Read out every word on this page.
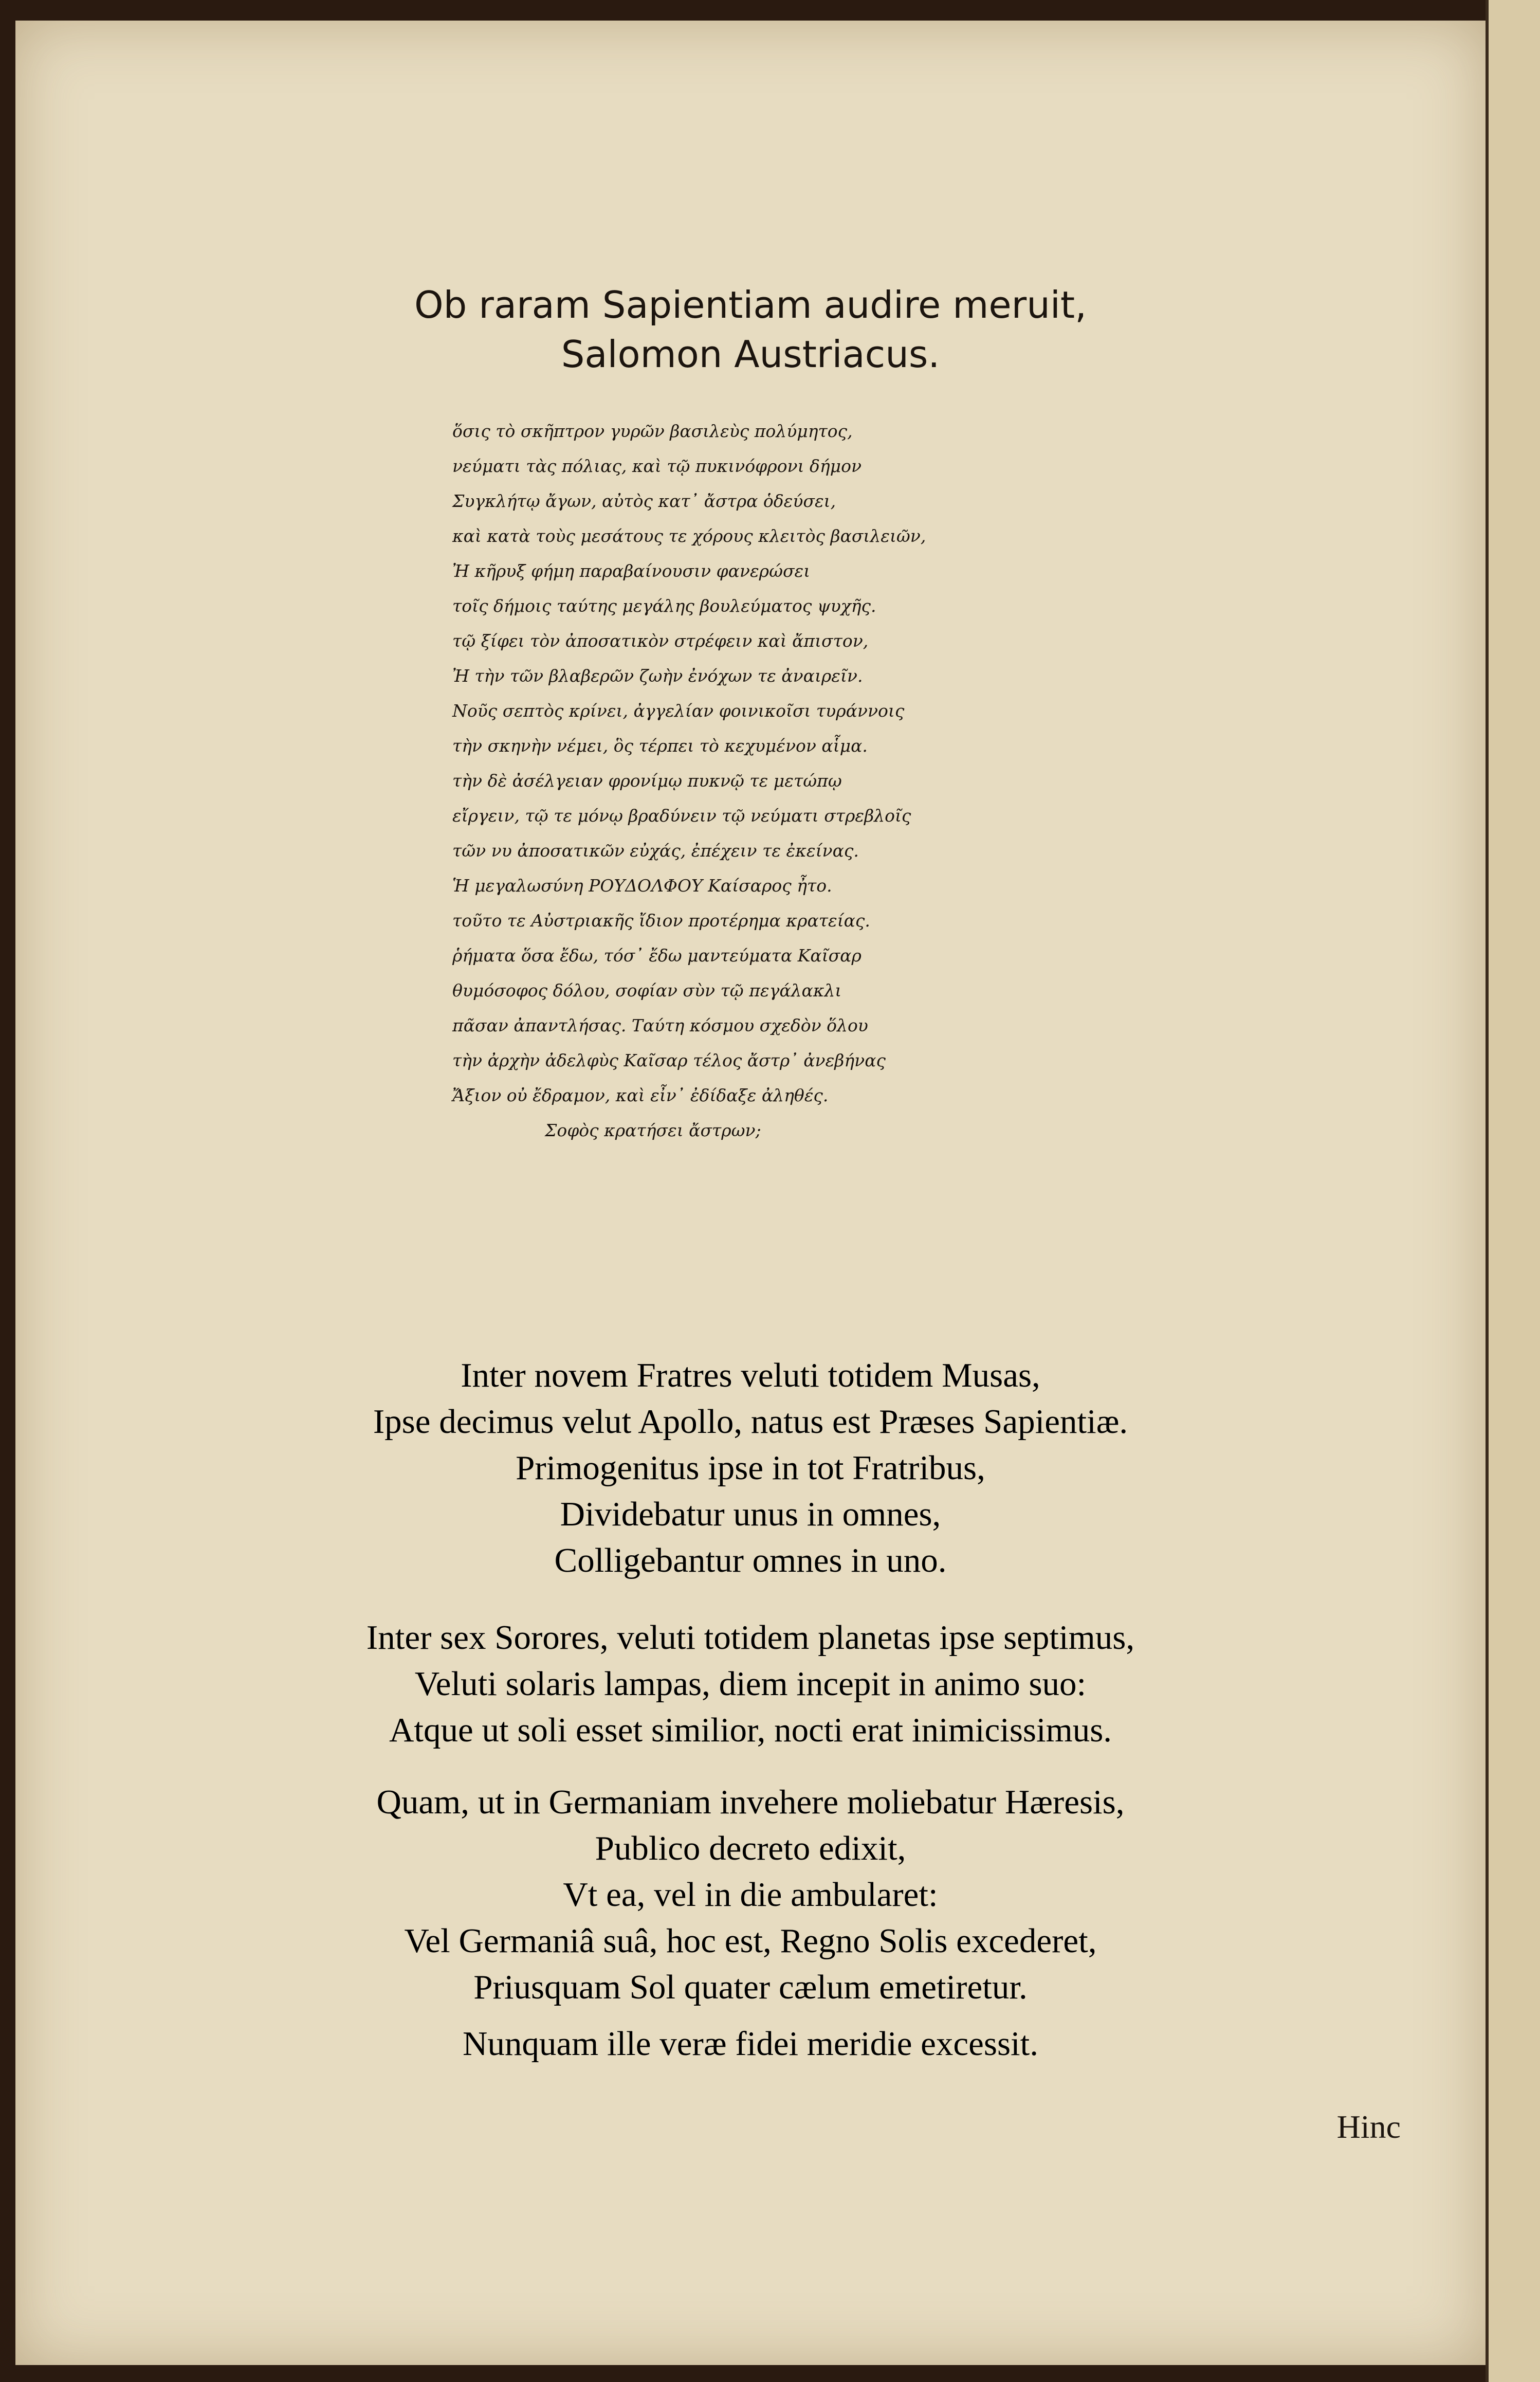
Ob raram Sapientiam audire meruit,
Salomon Austriacus.
ὅσις τὸ σκῆπτρον γυρῶν βασιλεὺς πολύμητος,
νεύματι τὰς πόλιας, καὶ τῷ πυκινόφρονι δήμον
Συγκλήτῳ ἄγων, αὐτὸς κατ᾽ ἄστρα ὁδεύσει,
καὶ κατὰ τοὺς μεσάτους τε χόρους κλειτὸς βασιλειῶν,
Ἠ κῆρυξ φήμη παραβαίνουσιν φανερώσει
τοῖς δήμοις ταύτης μεγάλης βουλεύματος ψυχῆς.
τῷ ξίφει τὸν ἀποσατικὸν στρέφειν καὶ ἄπιστον,
Ἠ τὴν τῶν βλαβερῶν ζωὴν ἐνόχων τε ἀναιρεῖν.
Νοῦς σεπτὸς κρίνει, ἀγγελίαν φοινικοῖσι τυράννοις
τὴν σκηνὴν νέμει, ὃς τέρπει τὸ κεχυμένον αἷμα.
τὴν δὲ ἀσέλγειαν φρονίμῳ πυκνῷ τε μετώπῳ
εἴργειν, τῷ τε μόνῳ βραδύνειν τῷ νεύματι στρεβλοῖς
τῶν νυ ἀποσατικῶν εὐχάς, ἐπέχειν τε ἐκείνας.
Ἡ μεγαλωσύνη ΡΟΥΔΟΛΦΟΥ Καίσαρος ἦτο.
τοῦτο τε Αὐστριακῆς ἴδιον προτέρημα κρατείας.
ῥήματα ὅσα ἔδω, τόσ᾽ ἔδω μαντεύματα Καῖσαρ
θυμόσοφος δόλου, σοφίαν σὺν τῷ πεγάλακλι
πᾶσαν ἀπαντλήσας. Ταύτη κόσμου σχεδὸν ὅλου
τὴν ἀρχὴν ἀδελφὺς Καῖσαρ τέλος ἄστρ᾽ ἀνεβήνας
Ἄξιον οὐ ἔδραμον, καὶ εἶν᾽ ἐδίδαξε ἀληθές.
Σοφὸς κρατήσει ἄστρων;
Inter novem Fratres veluti totidem Musas,
Ipse decimus velut Apollo, natus est Præses Sapientiæ.
Primogenitus ipse in tot Fratribus,
Dividebatur unus in omnes,
Colligebantur omnes in uno.
Inter sex Sorores, veluti totidem planetas ipse septimus,
Veluti solaris lampas, diem incepit in animo suo:
Atque ut soli esset similior, nocti erat inimicissimus.
Quam, ut in Germaniam invehere moliebatur Hæresis,
Publico decreto edixit,
Vt ea, vel in die ambularet:
Vel Germaniâ suâ, hoc est, Regno Solis excederet,
Priusquam Sol quater cælum emetiretur.
Nunquam ille veræ fidei meridie excessit.
Hinc
